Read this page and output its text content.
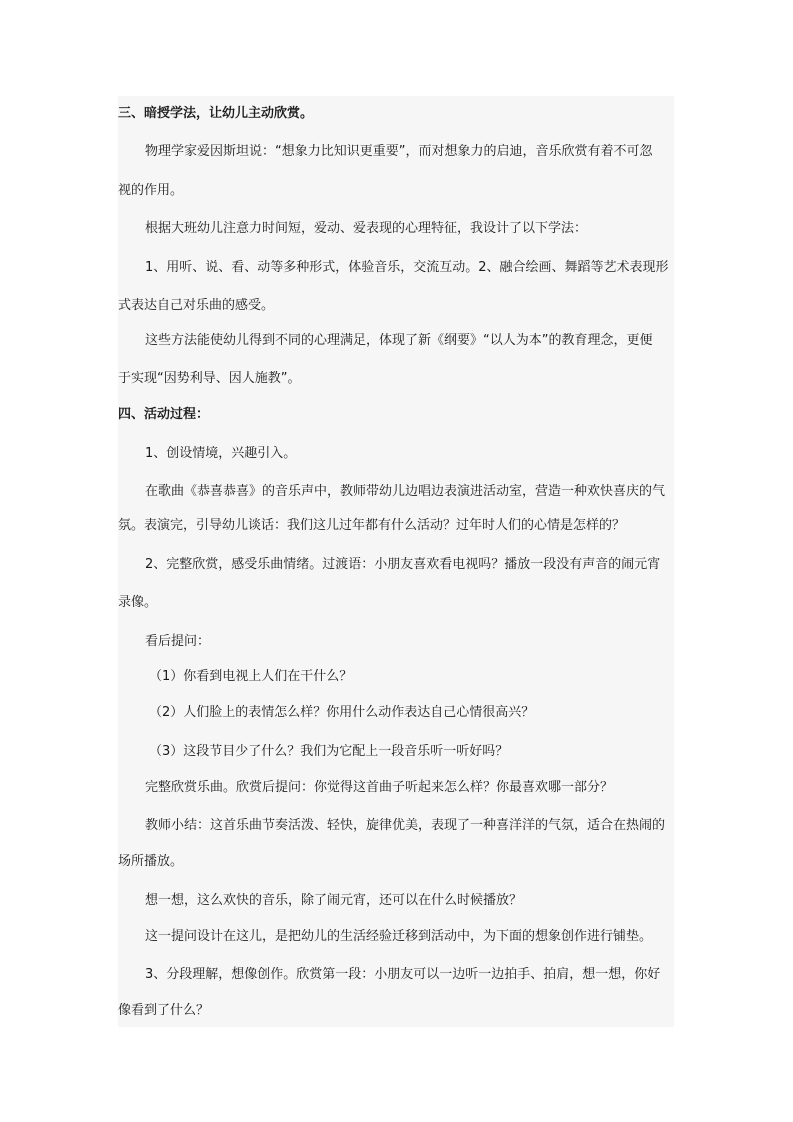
三、暗授学法，让幼儿主动欣赏。
物理学家爱因斯坦说：“想象力比知识更重要”，而对想象力的启迪，音乐欣赏有着不可忽
视的作用。
根据大班幼儿注意力时间短，爱动、爱表现的心理特征，我设计了以下学法：
1、用听、说、看、动等多种形式，体验音乐，交流互动。2、融合绘画、舞蹈等艺术表现形
式表达自己对乐曲的感受。
这些方法能使幼儿得到不同的心理满足，体现了新《纲要》“以人为本”的教育理念，更便
于实现“因势利导、因人施教”。
四、活动过程：
1、创设情境，兴趣引入。
在歌曲《恭喜恭喜》的音乐声中，教师带幼儿边唱边表演进活动室，营造一种欢快喜庆的气
氛。表演完，引导幼儿谈话：我们这儿过年都有什么活动？过年时人们的心情是怎样的？
2、完整欣赏，感受乐曲情绪。过渡语：小朋友喜欢看电视吗？播放一段没有声音的闹元宵
录像。
看后提问：
（1）你看到电视上人们在干什么？
（2）人们脸上的表情怎么样？你用什么动作表达自己心情很高兴？
（3）这段节目少了什么？我们为它配上一段音乐听一听好吗？
完整欣赏乐曲。欣赏后提问：你觉得这首曲子听起来怎么样？你最喜欢哪一部分？
教师小结：这首乐曲节奏活泼、轻快，旋律优美，表现了一种喜洋洋的气氛，适合在热闹的
场所播放。
想一想，这么欢快的音乐，除了闹元宵，还可以在什么时候播放？
这一提问设计在这儿，是把幼儿的生活经验迁移到活动中，为下面的想象创作进行铺垫。
3、分段理解，想像创作。欣赏第一段：小朋友可以一边听一边拍手、拍肩，想一想，你好
像看到了什么？
